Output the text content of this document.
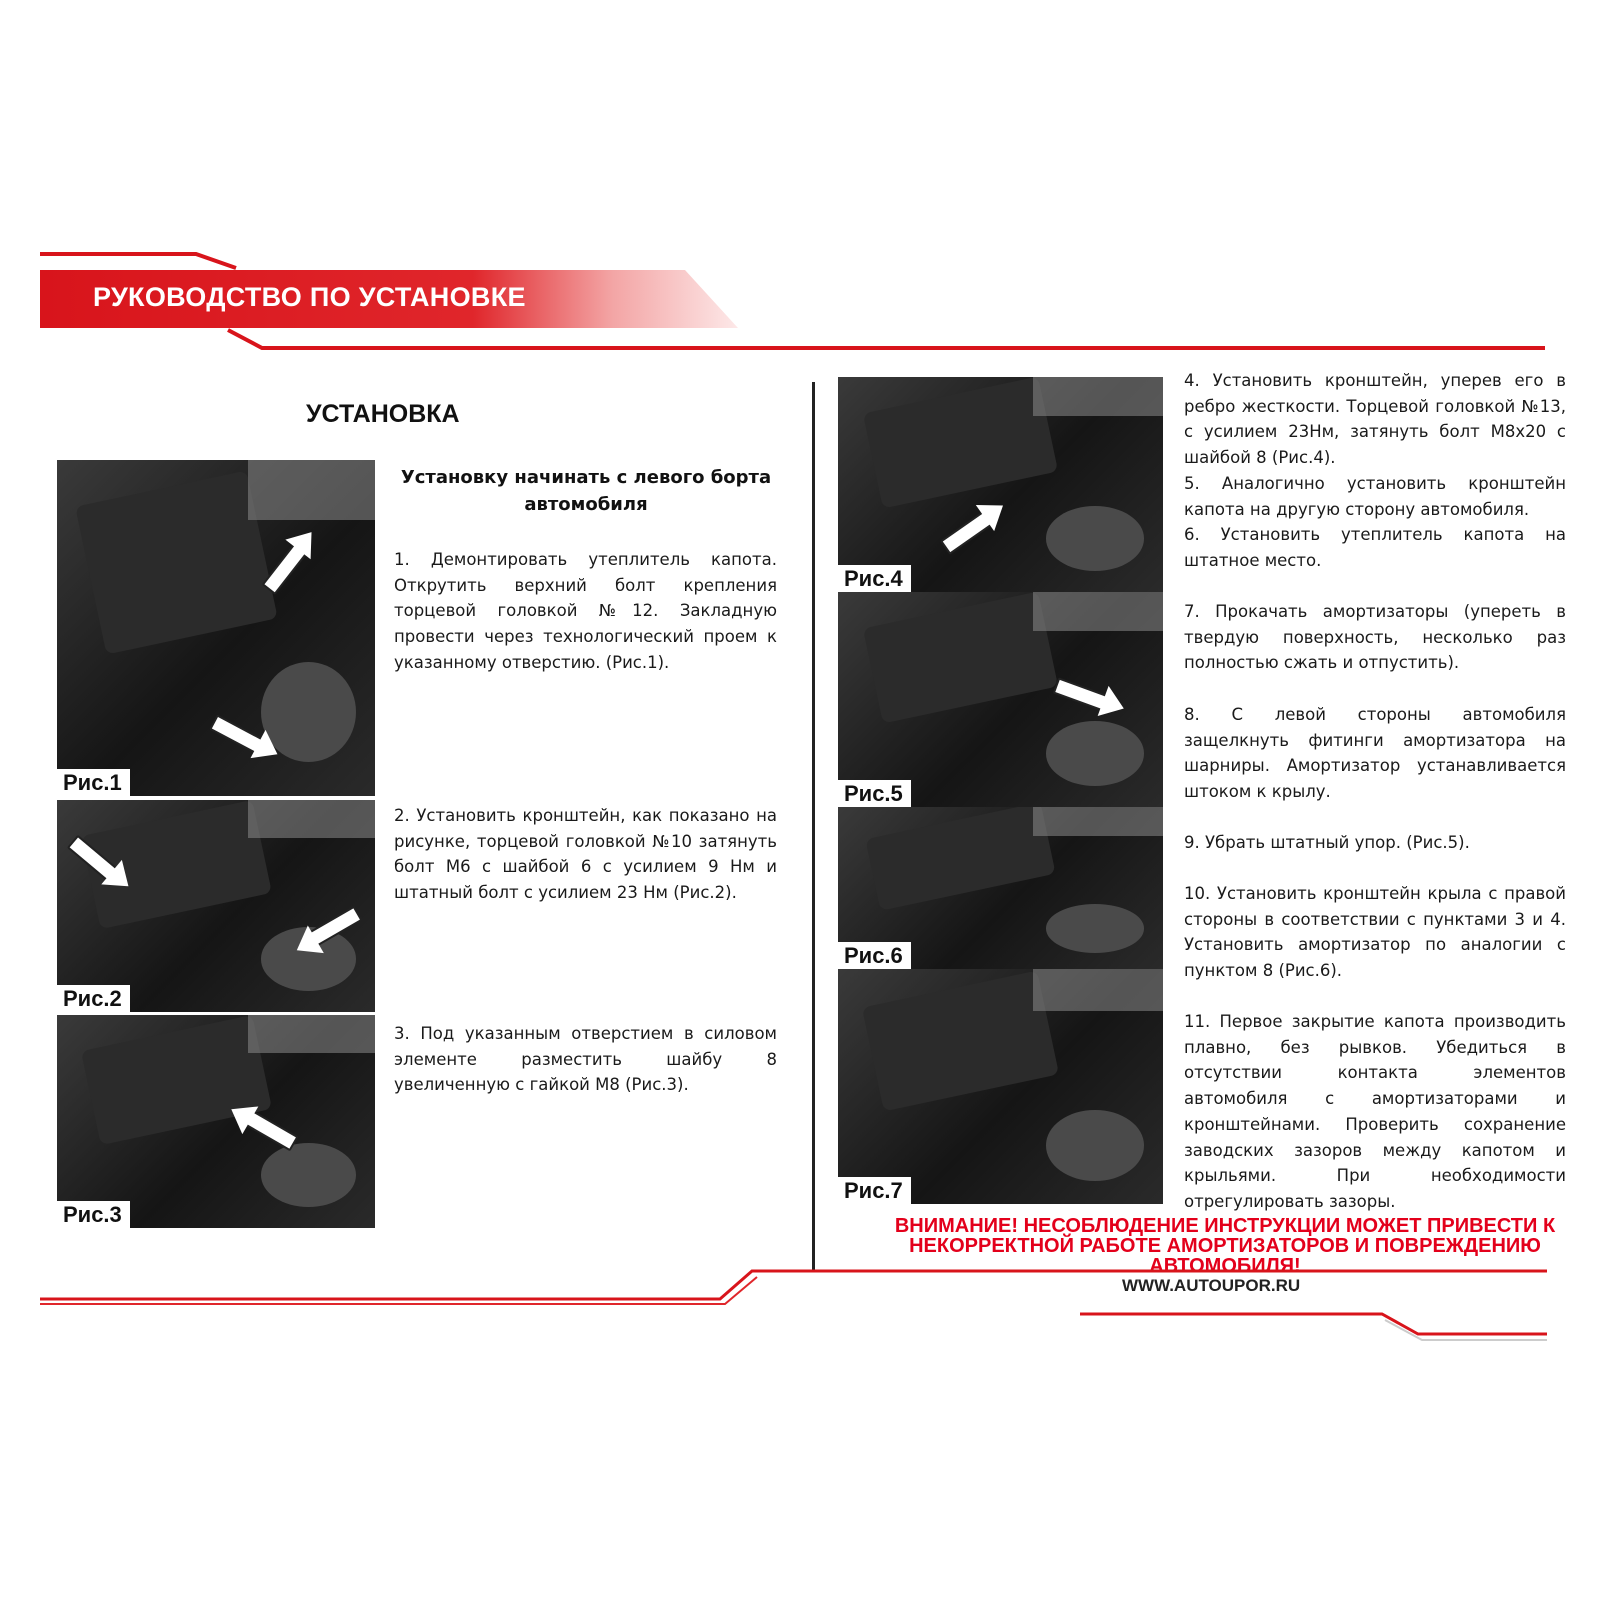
РУКОВОДСТВО ПО УСТАНОВКЕ
УСТАНОВКА
Установку начинать с левого борта автомобиля
Рис.1
Рис.2
Рис.3

1. Демонтировать утеплитель капота. Открутить верхний болт крепления торцевой головкой №12. Закладную провести через технологический проем к указанному отверстию. (Рис.1).

2. Установить кронштейн, как показано на рисунке, торцевой головкой №10 затянуть болт М6 с шайбой 6 с усилием 9 Нм и штатный болт с усилием 23 Нм (Рис.2).

3. Под указанным отверстием в силовом элементе разместить шайбу 8 увеличенную с гайкой М8 (Рис.3).

Рис.4
Рис.5
Рис.6
Рис.7

4. Установить кронштейн, уперев его в ребро жесткости. Торцевой головкой №13, с усилием 23Нм, затянуть болт М8х20 с шайбой 8 (Рис.4).

5. Аналогично установить кронштейн капота на другую сторону автомобиля.

6. Установить утеплитель капота на штатное место.

7. Прокачать амортизаторы (упереть в твердую поверхность, несколько раз полностью сжать и отпустить).

8. С левой стороны автомобиля защелкнуть фитинги амортизатора на шарниры. Амортизатор устанавливается штоком к крылу.

9. Убрать штатный упор. (Рис.5).

10. Установить кронштейн крыла с правой стороны в соответствии с пунктами 3 и 4. Установить амортизатор по аналогии с пунктом 8 (Рис.6).

11. Первое закрытие капота производить плавно, без рывков. Убедиться в отсутствии контакта элементов автомобиля с амортизаторами и кронштейнами. Проверить сохранение заводских зазоров между капотом и крыльями. При необходимости отрегулировать зазоры.

ВНИМАНИЕ! НЕСОБЛЮДЕНИЕ ИНСТРУКЦИИ МОЖЕТ ПРИВЕСТИ К НЕКОРРЕКТНОЙ РАБОТЕ АМОРТИЗАТОРОВ И ПОВРЕЖДЕНИЮ АВТОМОБИЛЯ!
WWW.AUTOUPOR.RU
